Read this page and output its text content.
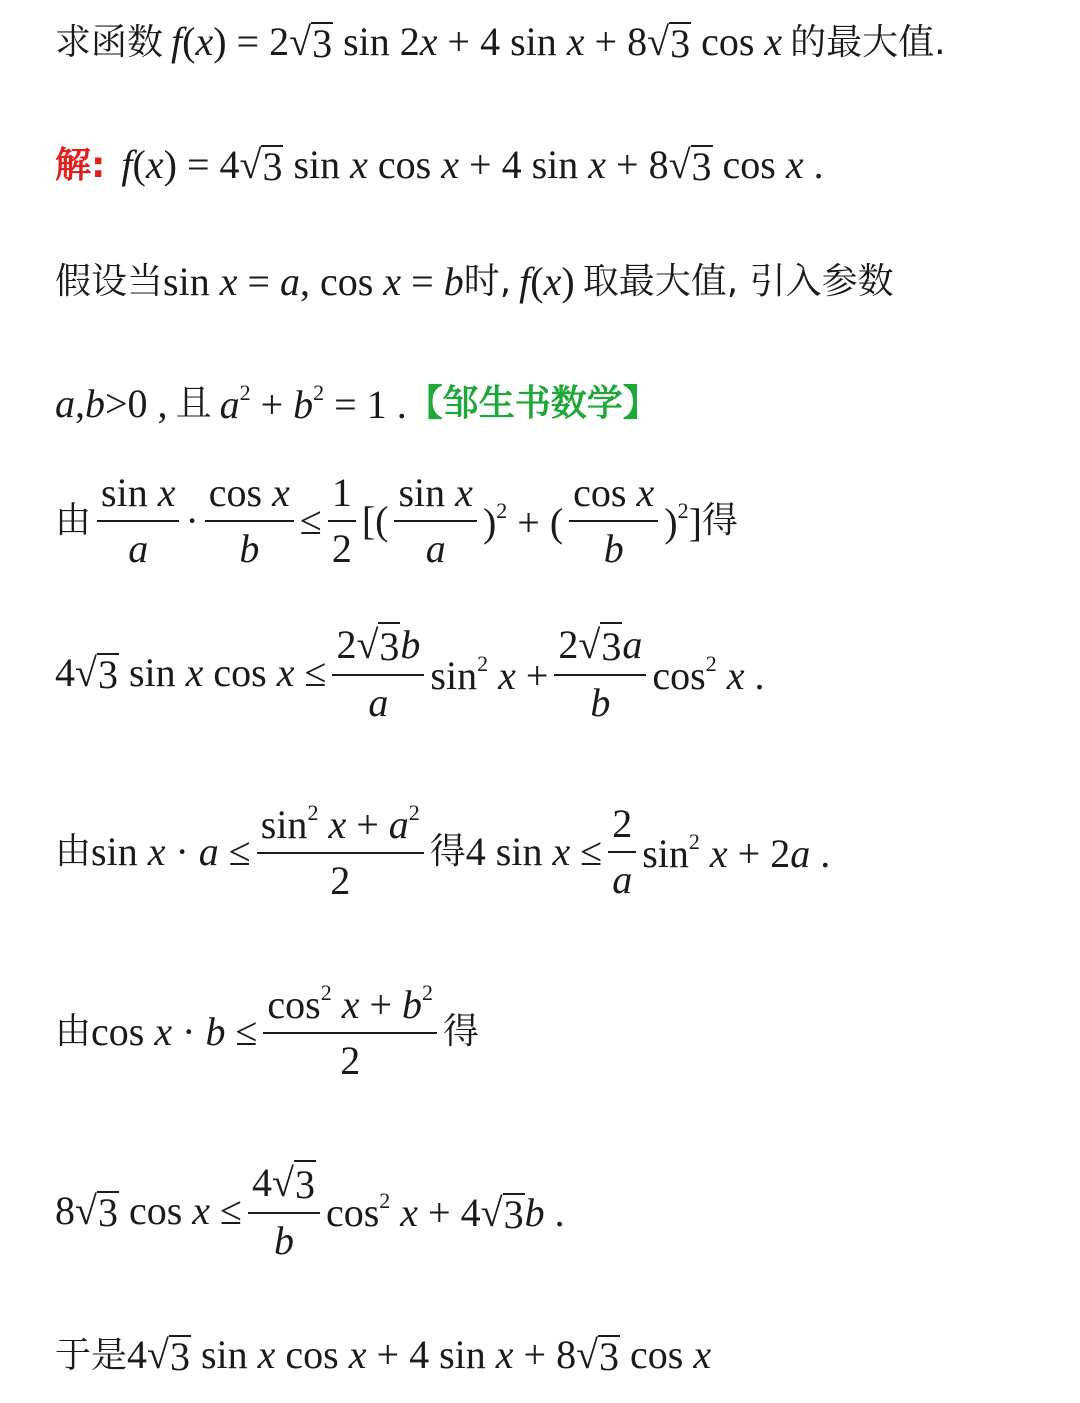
求函数 f(x) = 2 √ 3 sin 2x + 4 sin x + 8 √ 3 cos x 的最大值.
解: f(x) = 4 √ 3 sin x cos x + 4 sin x + 8 √ 3 cos x .
假设当 sin x = a, cos x = b 时, f(x) 取最大值, 引入参数
a,b>0 , 且 $a^2 + b^2 = 1$ . 【邹生书数学】
由 $\frac{\text{sin x}}{a} \cdot \frac{\text{cos x}}{b} \le \frac{1}{2}$ [( $\frac{\text{sin x}}{a} )^2$ + ( $\frac{\text{cos x}}{b} )^2$] 得
4 √ 3 sin x $\cos x \le \frac{2 √ 3 b}{a} \sin^2 x + \frac{2 √ 3 a}{b} \cos^2 x$ .
由 $\sin x \cdot a \le \frac{\sin^2 x + a^2}{2}$ 得 4 $\sin x \le \frac{2}{a} \sin^2 x + 2a$ .
由 $\cos x \cdot b \le \frac{\cos^2 x + b^2}{2}$ 得
8 √ 3 $\cos x \le \frac{4 √ 3}{b} \cos^2 x + 4$ √ 3 b .
于是 4 √ 3 sin x cos x + 4 sin x + 8 √ 3 cos x
